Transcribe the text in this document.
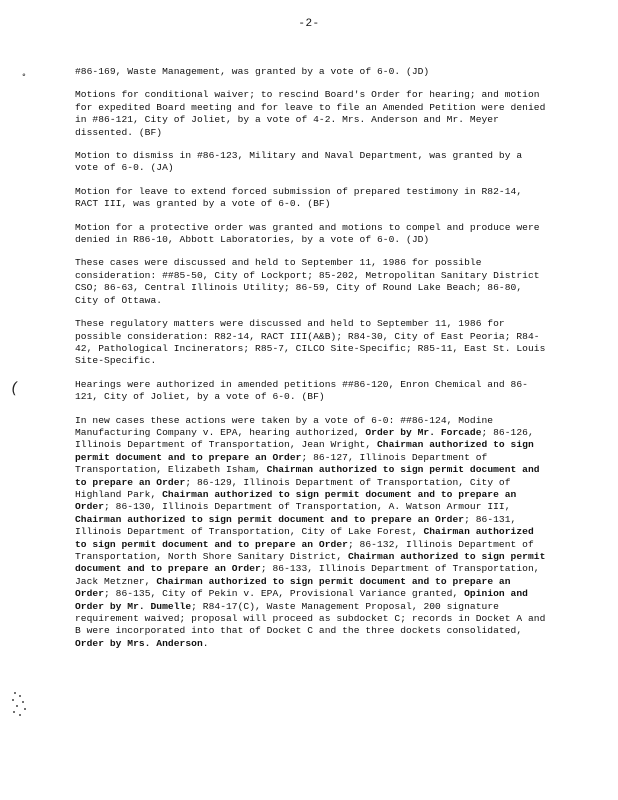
-2-
˳
(

#86-169, Waste Management, was granted by a vote of 6-0. (JD)

Motions for conditional waiver; to rescind Board's Order for hearing; and motion for expedited Board meeting and for leave to file an Amended Petition were denied in #86-121, City of Joliet, by a vote of 4-2. Mrs. Anderson and Mr. Meyer dissented. (BF)

Motion to dismiss in #86-123, Military and Naval Department, was granted by a vote of 6-0. (JA)

Motion for leave to extend forced submission of prepared testimony in R82-14, RACT III, was granted by a vote of 6-0. (BF)

Motion for a protective order was granted and motions to compel and produce were denied in R86-10, Abbott Laboratories, by a vote of 6-0. (JD)

These cases were discussed and held to September 11, 1986 for possible consideration: ##85-50, City of Lockport; 85-202, Metropolitan Sanitary District CSO; 86-63, Central Illinois Utility; 86-59, City of Round Lake Beach; 86-80, City of Ottawa.

These regulatory matters were discussed and held to September 11, 1986 for possible consideration: R82-14, RACT III(A&B); R84-30, City of East Peoria; R84-42, Pathological Incinerators; R85-7, CILCO Site-Specific; R85-11, East St. Louis Site-Specific.

Hearings were authorized in amended petitions ##86-120, Enron Chemical and 86-121, City of Joliet, by a vote of 6-0. (BF)

In new cases these actions were taken by a vote of 6-0: ##86-124, Modine Manufacturing Company v. EPA, hearing authorized, Order by Mr. Forcade; 86-126, Illinois Department of Transportation, Jean Wright, Chairman authorized to sign permit document and to prepare an Order; 86-127, Illinois Department of Transportation, Elizabeth Isham, Chairman authorized to sign permit document and to prepare an Order; 86-129, Illinois Department of Transportation, City of Highland Park, Chairman authorized to sign permit document and to prepare an Order; 86-130, Illinois Department of Transportation, A. Watson Armour III, Chairman authorized to sign permit document and to prepare an Order; 86-131, Illinois Department of Transportation, City of Lake Forest, Chairman authorized to sign permit document and to prepare an Order; 86-132, Illinois Department of Transportation, North Shore Sanitary District, Chairman authorized to sign permit document and to prepare an Order; 86-133, Illinois Department of Transportation, Jack Metzner, Chairman authorized to sign permit document and to prepare an Order; 86-135, City of Pekin v. EPA, Provisional Variance granted, Opinion and Order by Mr. Dumelle; R84-17(C), Waste Management Proposal, 200 signature requirement waived; proposal will proceed as subdocket C; records in Docket A and B were incorporated into that of Docket C and the three dockets consolidated, Order by Mrs. Anderson.
